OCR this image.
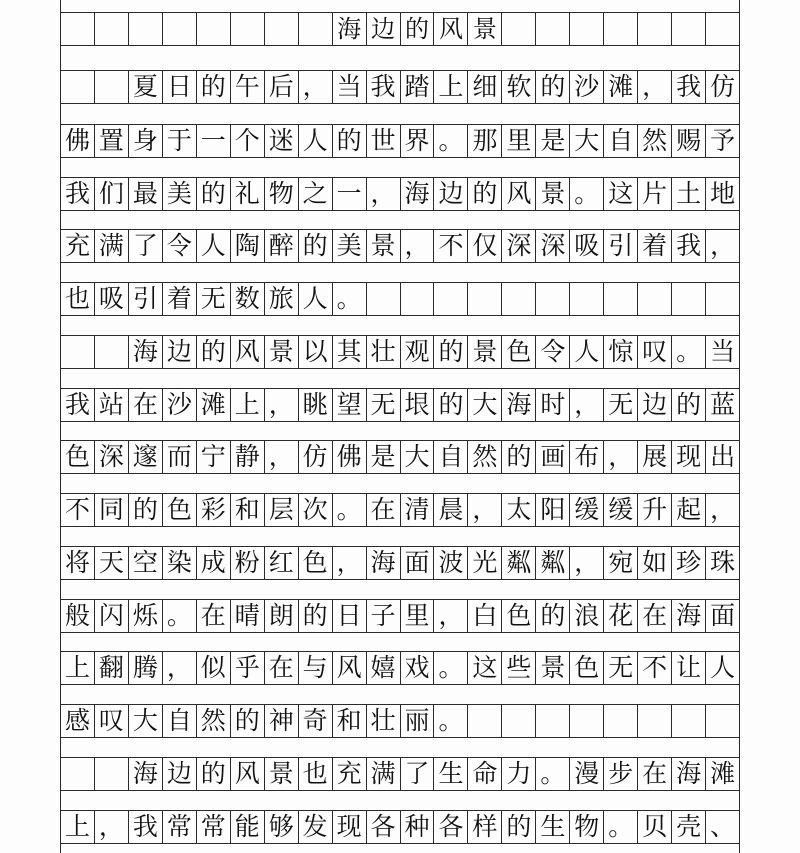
海 边 的 风 景
夏 日 的 午 后 ， 当 我 踏 上 细 软 的 沙 滩 ， 我 仿
佛 置 身 于 一 个 迷 人 的 世 界 。 那 里 是 大 自 然 赐 予
我 们 最 美 的 礼 物 之 一 ， 海 边 的 风 景 。 这 片 土 地
充 满 了 令 人 陶 醉 的 美 景 ， 不 仅 深 深 吸 引 着 我 ，
也 吸 引 着 无 数 旅 人 。
海 边 的 风 景 以 其 壮 观 的 景 色 令 人 惊 叹 。 当
我 站 在 沙 滩 上 ， 眺 望 无 垠 的 大 海 时 ， 无 边 的 蓝
色 深 邃 而 宁 静 ， 仿 佛 是 大 自 然 的 画 布 ， 展 现 出
不 同 的 色 彩 和 层 次 。 在 清 晨 ， 太 阳 缓 缓 升 起 ，
将 天 空 染 成 粉 红 色 ， 海 面 波 光 粼 粼 ， 宛 如 珍 珠
般 闪 烁 。 在 晴 朗 的 日 子 里 ， 白 色 的 浪 花 在 海 面
上 翻 腾 ， 似 乎 在 与 风 嬉 戏 。 这 些 景 色 无 不 让 人
感 叹 大 自 然 的 神 奇 和 壮 丽 。
海 边 的 风 景 也 充 满 了 生 命 力 。 漫 步 在 海 滩
上 ， 我 常 常 能 够 发 现 各 种 各 样 的 生 物 。 贝 壳 、
